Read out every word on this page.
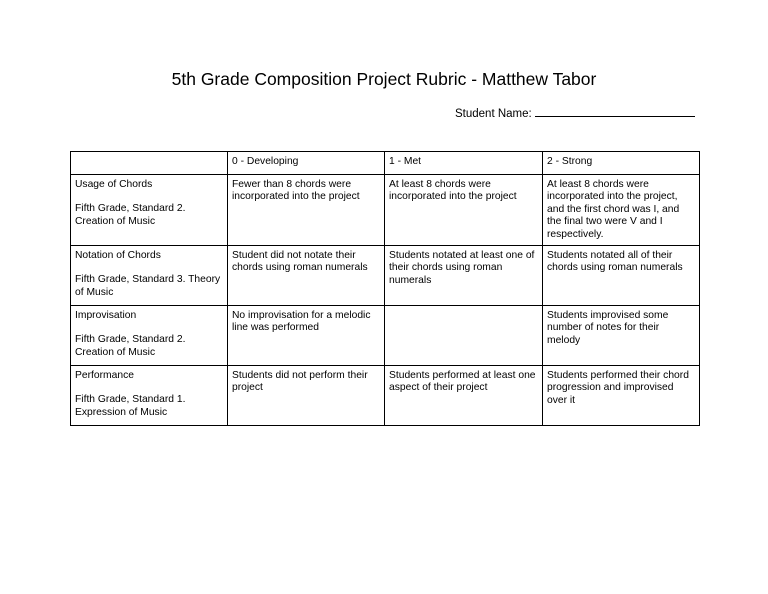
5th Grade Composition Project Rubric - Matthew Tabor
Student Name:
	0 - Developing	1 - Met	2 - Strong

Usage of Chords
Fifth Grade, Standard 2. Creation of Music	Fewer than 8 chords were incorporated into the project	At least 8 chords were incorporated into the project	At least 8 chords were incorporated into the project, and the first chord was I, and the final two were V and I respectively.

Notation of Chords
Fifth Grade, Standard 3. Theory of Music	Student did not notate their chords using roman numerals	Students notated at least one of their chords using roman numerals	Students notated all of their chords using roman numerals

Improvisation
Fifth Grade, Standard 2. Creation of Music	No improvisation for a melodic line was performed		Students improvised some number of notes for their melody

Performance
Fifth Grade, Standard 1. Expression of Music	Students did not perform their project	Students performed at least one aspect of their project	Students performed their chord progression and improvised over it
